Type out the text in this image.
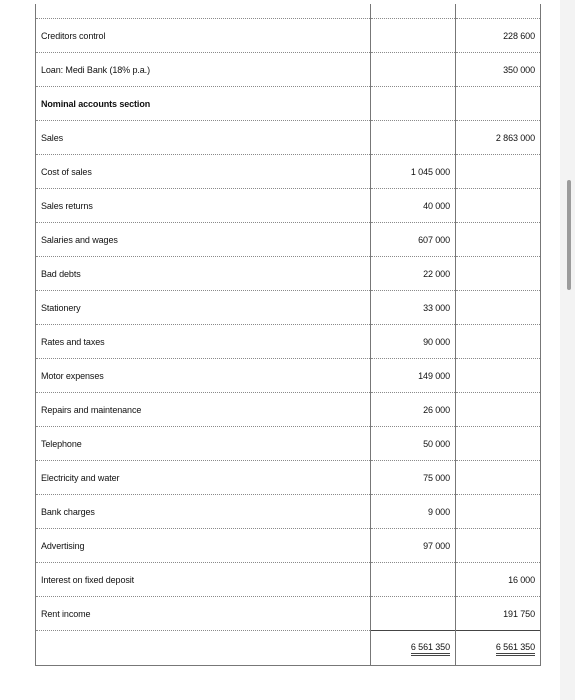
Creditors control		228 600
Loan: Medi Bank (18% p.a.)		350 000
Nominal accounts section		
Sales		2 863 000
Cost of sales	1 045 000	
Sales returns	40 000	
Salaries and wages	607 000	
Bad debts	22 000	
Stationery	33 000	
Rates and taxes	90 000	
Motor expenses	149 000	
Repairs and maintenance	26 000	
Telephone	50 000	
Electricity and water	75 000	
Bank charges	9 000	
Advertising	97 000	
Interest on fixed deposit		16 000
Rent income		191 750
	6 561 350	6 561 350
